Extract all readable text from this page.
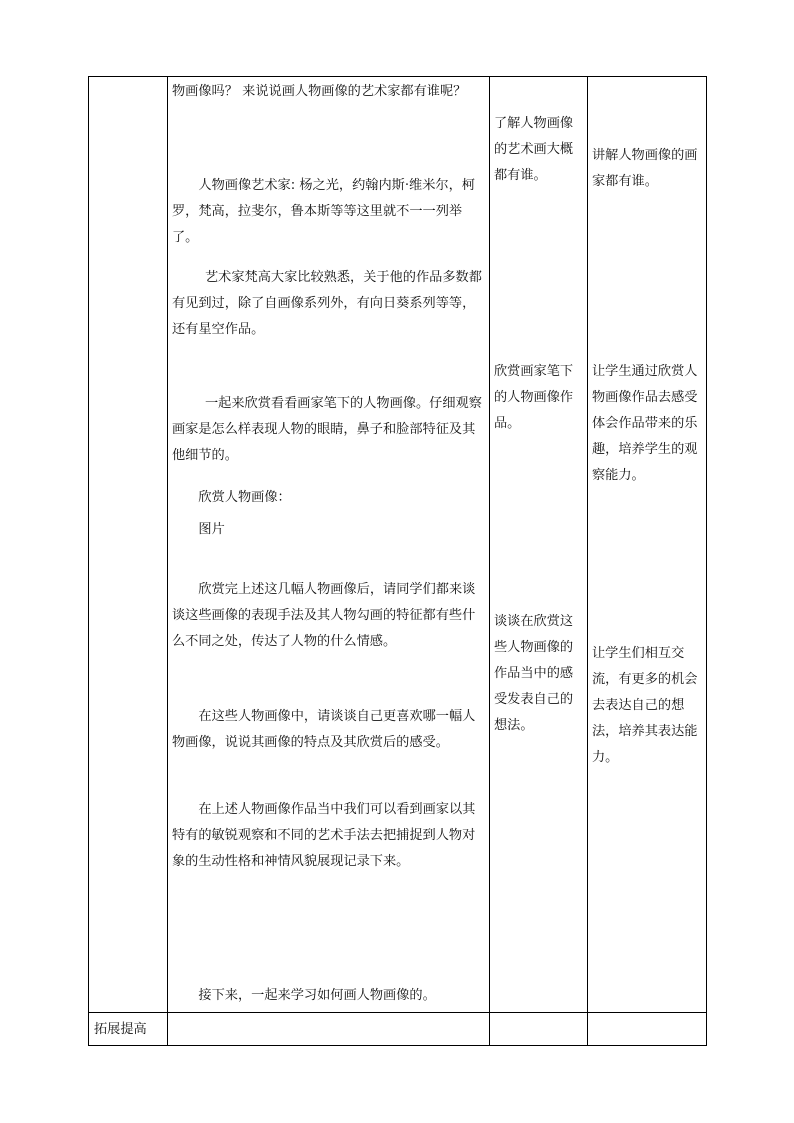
物画像吗？ 来说说画人物画像的艺术家都有谁呢？

人物画像艺术家: 杨之光，约翰内斯·维米尔，柯罗，梵高，拉斐尔，鲁本斯等等这里就不一一列举了。

艺术家梵高大家比较熟悉，关于他的作品多数都有见到过，除了自画像系列外，有向日葵系列等等，还有星空作品。

一起来欣赏看看画家笔下的人物画像。仔细观察画家是怎么样表现人物的眼睛，鼻子和脸部特征及其他细节的。

欣赏人物画像：

图片

欣赏完上述这几幅人物画像后，请同学们都来谈谈这些画像的表现手法及其人物勾画的特征都有些什么不同之处，传达了人物的什么情感。

在这些人物画像中，请谈谈自己更喜欢哪一幅人物画像，说说其画像的特点及其欣赏后的感受。

在上述人物画像作品当中我们可以看到画家以其特有的敏锐观察和不同的艺术手法去把捕捉到人物对象的生动性格和神情风貌展现记录下来。

接下来，一起来学习如何画人物画像的。

了解人物画像的艺术画大概都有谁。

欣赏画家笔下的人物画像作品。

谈谈在欣赏这些人物画像的作品当中的感受发表自己的想法。

讲解人物画像的画家都有谁。

让学生通过欣赏人物画像作品去感受体会作品带来的乐趣，培养学生的观察能力。

让学生们相互交流，有更多的机会去表达自己的想法，培养其表达能力。

拓展提高
